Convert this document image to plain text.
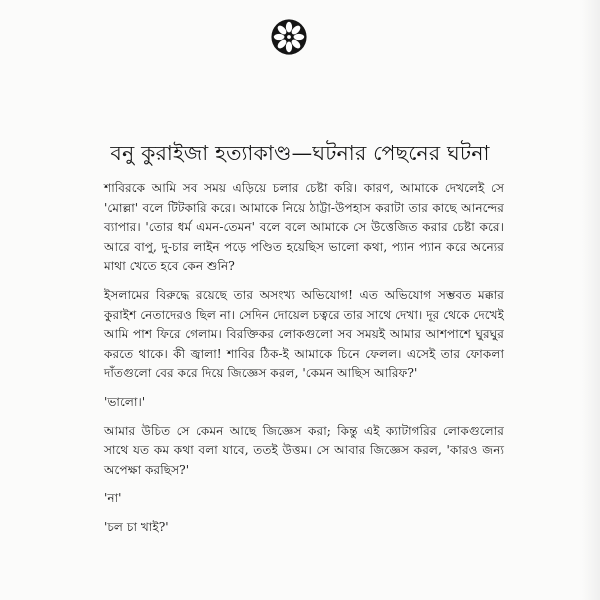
বনু কুরাইজা হত্যাকাণ্ড—ঘটনার পেছনের ঘটনা

শাবিরকে আমি সব সময় এড়িয়ে চলার চেষ্টা করি। কারণ, আমাকে দেখলেই সে 'মোল্লা' বলে টিটকারি করে। আমাকে নিয়ে ঠাট্টা-উপহাস করাটা তার কাছে আনন্দের ব্যাপার। 'তোর ধর্ম এমন-তেমন' বলে বলে আমাকে সে উত্তেজিত করার চেষ্টা করে। আরে বাপু, দু-চার লাইন পড়ে পণ্ডিত হয়েছিস ভালো কথা, প্যান প্যান করে অন্যের মাথা খেতে হবে কেন শুনি?

ইসলামের বিরুদ্ধে রয়েছে তার অসংখ্য অভিযোগ! এত অভিযোগ সম্ভবত মক্কার কুরাইশ নেতাদেরও ছিল না। সেদিন দোয়েল চত্বরে তার সাথে দেখা। দূর থেকে দেখেই আমি পাশ ফিরে গেলাম। বিরক্তিকর লোকগুলো সব সময়ই আমার আশপাশে ঘুরঘুর করতে থাকে। কী জ্বালা! শাবির ঠিক-ই আমাকে চিনে ফেলল। এসেই তার ফোকলা দাঁতগুলো বের করে দিয়ে জিজ্ঞেস করল, 'কেমন আছিস আরিফ?'

'ভালো।'

আমার উচিত সে কেমন আছে জিজ্ঞেস করা; কিন্তু এই ক্যাটাগরির লোকগুলোর সাথে যত কম কথা বলা যাবে, ততই উত্তম। সে আবার জিজ্ঞেস করল, 'কারও জন্য অপেক্ষা করছিস?'

'না'

'চল চা খাই?'
